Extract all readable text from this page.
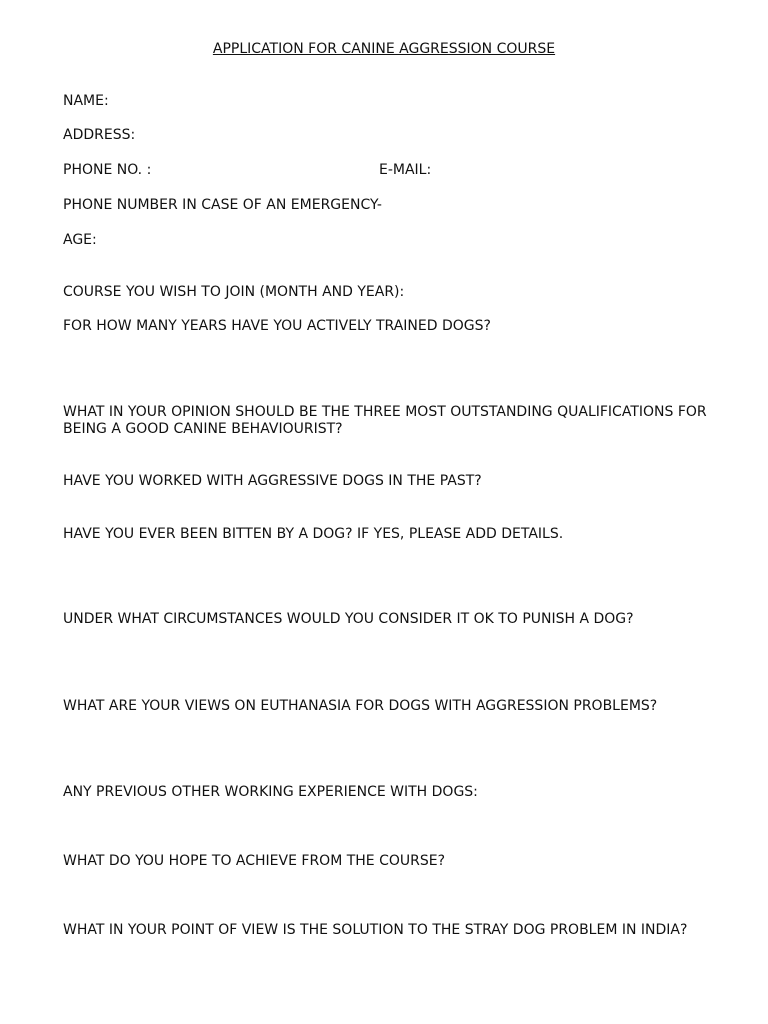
APPLICATION FOR CANINE AGGRESSION COURSE
NAME:
ADDRESS:
PHONE NO. :	E-MAIL:
PHONE NUMBER IN CASE OF AN EMERGENCY-
AGE:
COURSE YOU WISH TO JOIN (MONTH AND YEAR):
FOR HOW MANY YEARS HAVE YOU ACTIVELY TRAINED DOGS?
WHAT IN YOUR OPINION SHOULD BE THE THREE MOST OUTSTANDING QUALIFICATIONS FOR BEING A GOOD CANINE BEHAVIOURIST?
HAVE YOU WORKED WITH AGGRESSIVE DOGS IN THE PAST?
HAVE YOU EVER BEEN BITTEN BY A DOG? IF YES, PLEASE ADD DETAILS.
UNDER WHAT CIRCUMSTANCES WOULD YOU CONSIDER IT OK TO PUNISH A DOG?
WHAT ARE YOUR VIEWS ON EUTHANASIA FOR DOGS WITH AGGRESSION PROBLEMS?
ANY PREVIOUS OTHER WORKING EXPERIENCE WITH DOGS:
WHAT DO YOU HOPE TO ACHIEVE FROM THE COURSE?
WHAT IN YOUR POINT OF VIEW IS THE SOLUTION TO THE STRAY DOG PROBLEM IN INDIA?
